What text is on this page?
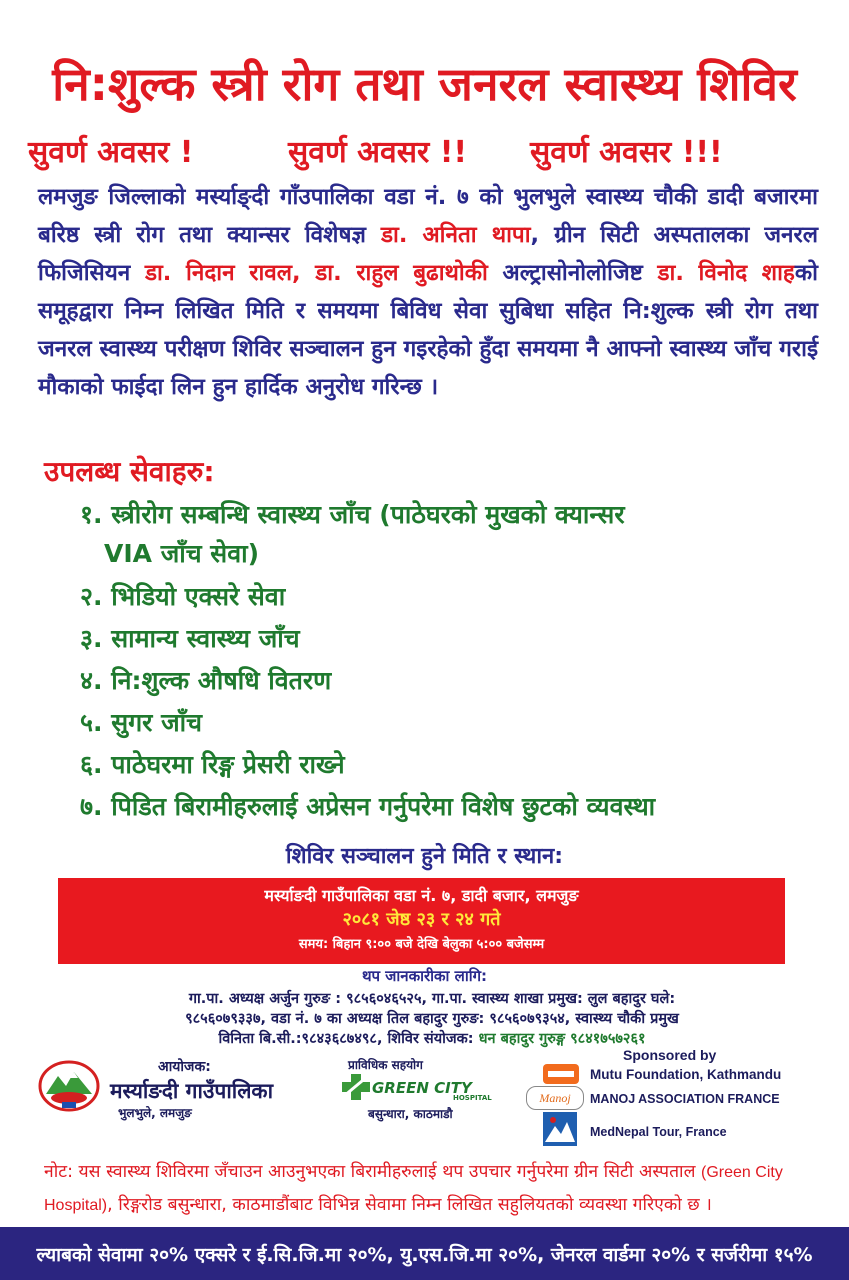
नि:शुल्क स्त्री रोग तथा जनरल स्वास्थ्य शिविर
सुवर्ण अवसर !	सुवर्ण अवसर !! सुवर्ण अवसर !!!
लमजुङ जिल्लाको मर्स्याङ्दी गाँउपालिका वडा नं. ७ को भुलभुले स्वास्थ्य चौकी डादी बजारमा बरिष्ठ स्त्री रोग तथा क्यान्सर विशेषज्ञ डा. अनिता थापा, ग्रीन सिटी अस्पतालका जनरल फिजिसियन डा. निदान रावल, डा. राहुल बुढाथोकी अल्ट्रासोनोलोजिष्ट डा. विनोद शाहको समूहद्वारा निम्न लिखित मिति र समयमा बिविध सेवा सुबिधा सहित नि:शुल्क स्त्री रोग तथा जनरल स्वास्थ्य परीक्षण शिविर सञ्चालन हुन गइरहेको हुँदा समयमा नै आफ्नो स्वास्थ्य जाँच गराई मौकाको फाईदा लिन हुन हार्दिक अनुरोध गरिन्छ ।
उपलब्ध सेवाहरु:
१. स्त्रीरोग सम्बन्धि स्वास्थ्य जाँच (पाठेघरको मुखको क्यान्सर
VIA जाँच सेवा)
२. भिडियो एक्सरे सेवा
३. सामान्य स्वास्थ्य जाँच
४. नि:शुल्क औषधि वितरण
५. सुगर जाँच
६. पाठेघरमा रिङ्ग प्रेसरी राख्ने
७. पिडित बिरामीहरुलाई अप्रेसन गर्नुपरेमा विशेष छुटको व्यवस्था
शिविर सञ्चालन हुने मिति र स्थान:
मर्स्याङदी गाउँपालिका वडा नं. ७, डादी बजार, लमजुङ
२०८१ जेष्ठ २३ र २४ गते
समय: बिहान ९:०० बजे देखि बेलुका ५:०० बजेसम्म
थप जानकारीका लागि:
गा.पा. अध्यक्ष अर्जुन गुरुङ : ९८५६०४६५२५, गा.पा. स्वास्थ्य शाखा प्रमुख: लुल बहादुर घले:
९८५६०७९३३७, वडा नं. ७ का अध्यक्ष तिल बहादुर गुरुङ: ९८५६०७९३५४, स्वास्थ्य चौकी प्रमुख
विनिता बि.सी.:९८४३६८७४९८, शिविर संयोजक: धन बहादुर गुरुङ्ग ९८४१७५७२६१
आयोजक:
मर्स्याङदी गाउँपालिका
भुलभुले, लमजुङ
प्राविधिक सहयोग
GREEN CITY
HOSPITAL
बसुन्धारा, काठमाडौ
Sponsored by
Mutu Foundation, Kathmandu
Manoj	MANOJ ASSOCIATION FRANCE
MedNepal Tour, France
नोट: यस स्वास्थ्य शिविरमा जँचाउन आउनुभएका बिरामीहरुलाई थप उपचार गर्नुपरेमा ग्रीन सिटी अस्पताल (Green City Hospital), रिङ्गरोड बसुन्धारा, काठमाडौंबाट विभिन्न सेवामा निम्न लिखित सहुलियतको व्यवस्था गरिएको छ ।
ल्याबको सेवामा २०% एक्सरे र ई.सि.जि.मा २०%, यु.एस.जि.मा २०%, जेनरल वार्डमा २०% र सर्जरीमा १५%
